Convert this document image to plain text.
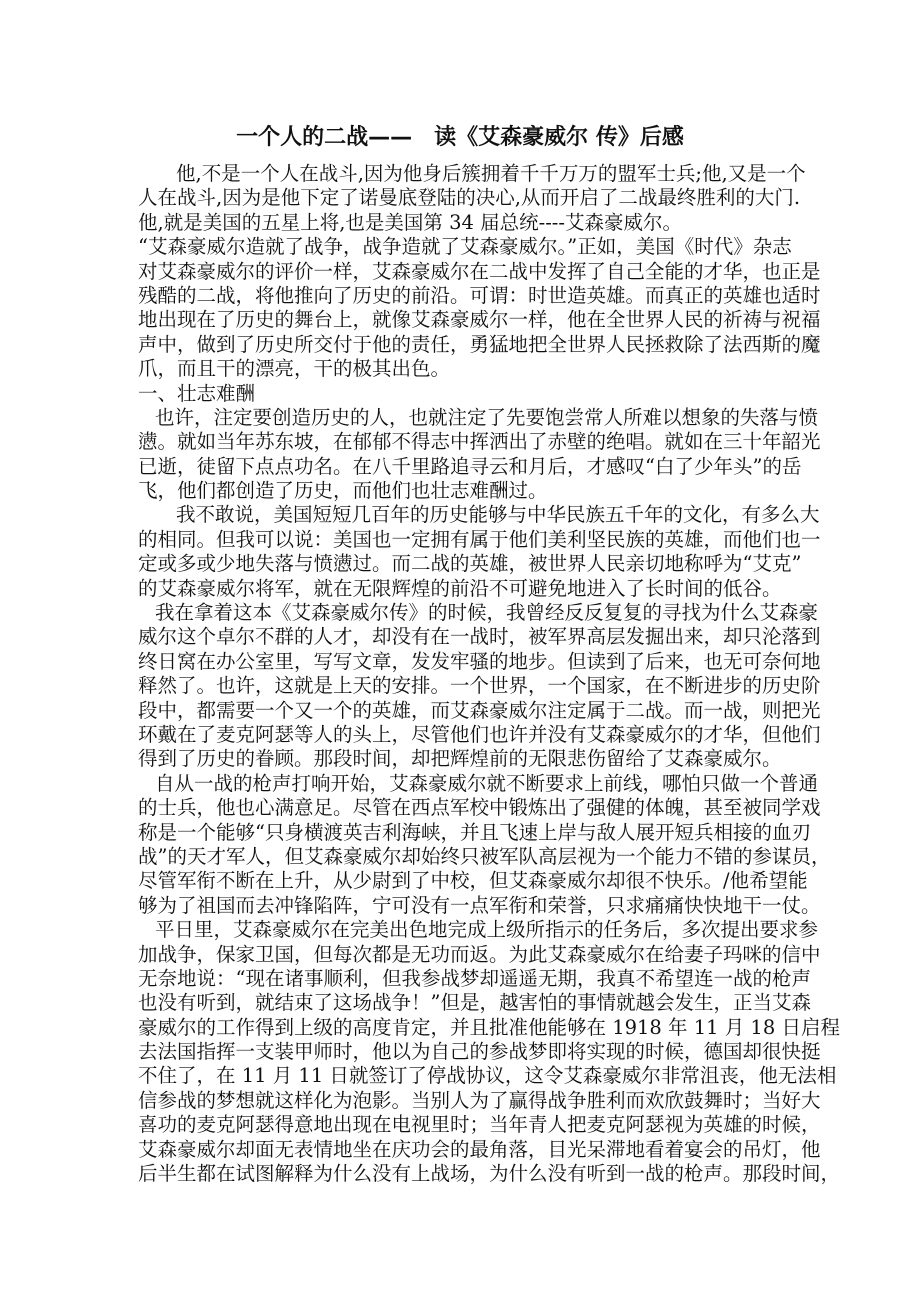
一个人的二战——　读《艾森豪威尔 传》后感
他,不是一个人在战斗,因为他身后簇拥着千千万万的盟军士兵;他,又是一个
人在战斗,因为是他下定了诺曼底登陆的决心,从而开启了二战最终胜利的大门.
他,就是美国的五星上将,也是美国第 34 届总统----艾森豪威尔。
“艾森豪威尔造就了战争，战争造就了艾森豪威尔。”正如，美国《时代》杂志
对艾森豪威尔的评价一样，艾森豪威尔在二战中发挥了自己全能的才华，也正是
残酷的二战，将他推向了历史的前沿。可谓：时世造英雄。而真正的英雄也适时
地出现在了历史的舞台上，就像艾森豪威尔一样，他在全世界人民的祈祷与祝福
声中，做到了历史所交付于他的责任，勇猛地把全世界人民拯救除了法西斯的魔
爪，而且干的漂亮，干的极其出色。
一、壮志难酬
也许，注定要创造历史的人，也就注定了先要饱尝常人所难以想象的失落与愤
懑。就如当年苏东坡，在郁郁不得志中挥洒出了赤壁的绝唱。就如在三十年韶光
已逝，徒留下点点功名。在八千里路追寻云和月后，才感叹“白了少年头”的岳
飞，他们都创造了历史，而他们也壮志难酬过。
我不敢说，美国短短几百年的历史能够与中华民族五千年的文化，有多么大
的相同。但我可以说：美国也一定拥有属于他们美利坚民族的英雄，而他们也一
定或多或少地失落与愤懑过。而二战的英雄，被世界人民亲切地称呼为“艾克”
的艾森豪威尔将军，就在无限辉煌的前沿不可避免地进入了长时间的低谷。
我在拿着这本《艾森豪威尔传》的时候，我曾经反反复复的寻找为什么艾森豪
威尔这个卓尔不群的人才，却没有在一战时，被军界高层发掘出来，却只沦落到
终日窝在办公室里，写写文章，发发牢骚的地步。但读到了后来，也无可奈何地
释然了。也许，这就是上天的安排。一个世界，一个国家，在不断进步的历史阶
段中，都需要一个又一个的英雄，而艾森豪威尔注定属于二战。而一战，则把光
环戴在了麦克阿瑟等人的头上，尽管他们也许并没有艾森豪威尔的才华，但他们
得到了历史的眷顾。那段时间，却把辉煌前的无限悲伤留给了艾森豪威尔。
自从一战的枪声打响开始，艾森豪威尔就不断要求上前线，哪怕只做一个普通
的士兵，他也心满意足。尽管在西点军校中锻炼出了强健的体魄，甚至被同学戏
称是一个能够“只身横渡英吉利海峡，并且飞速上岸与敌人展开短兵相接的血刃
战”的天才军人，但艾森豪威尔却始终只被军队高层视为一个能力不错的参谋员，
尽管军衔不断在上升，从少尉到了中校，但艾森豪威尔却很不快乐。/他希望能
够为了祖国而去冲锋陷阵，宁可没有一点军衔和荣誉，只求痛痛快快地干一仗。
平日里，艾森豪威尔在完美出色地完成上级所指示的任务后，多次提出要求参
加战争，保家卫国，但每次都是无功而返。为此艾森豪威尔在给妻子玛咪的信中
无奈地说：“现在诸事顺利，但我参战梦却遥遥无期，我真不希望连一战的枪声
也没有听到，就结束了这场战争！”但是，越害怕的事情就越会发生，正当艾森
豪威尔的工作得到上级的高度肯定，并且批准他能够在 1918 年 11 月 18 日启程
去法国指挥一支装甲师时，他以为自己的参战梦即将实现的时候，德国却很快挺
不住了，在 11 月 11 日就签订了停战协议，这令艾森豪威尔非常沮丧，他无法相
信参战的梦想就这样化为泡影。当别人为了赢得战争胜利而欢欣鼓舞时；当好大
喜功的麦克阿瑟得意地出现在电视里时；当年青人把麦克阿瑟视为英雄的时候，
艾森豪威尔却面无表情地坐在庆功会的最角落，目光呆滞地看着宴会的吊灯，他
后半生都在试图解释为什么没有上战场，为什么没有听到一战的枪声。那段时间，
